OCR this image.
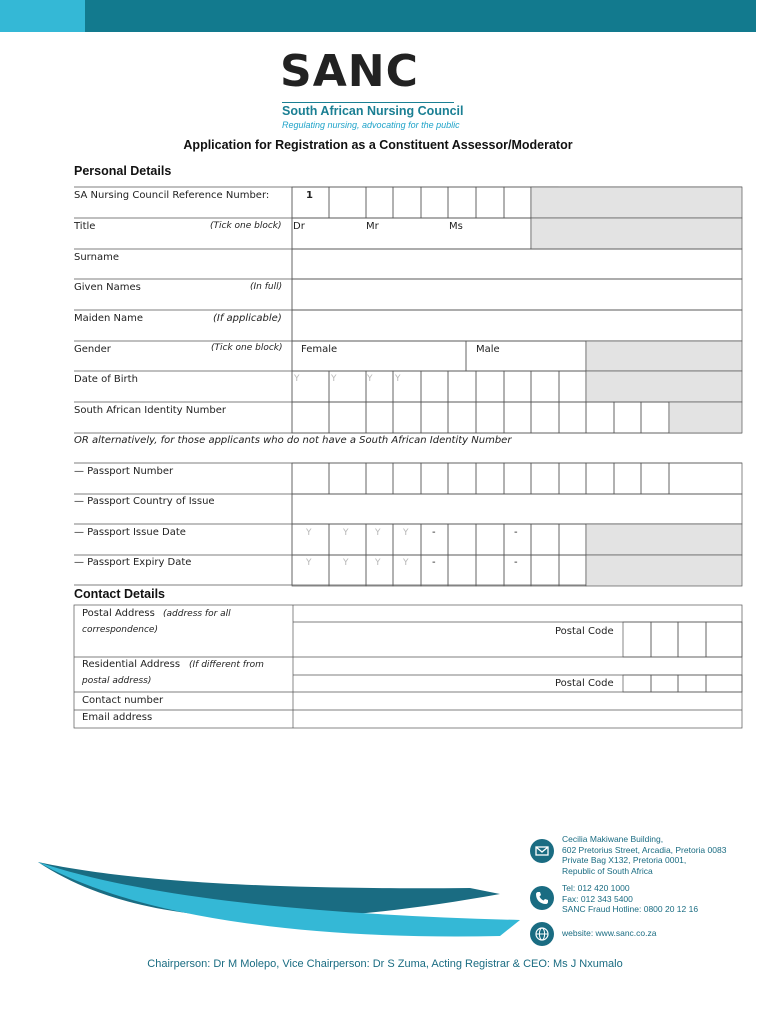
SANC
South African Nursing Council
Regulating nursing, advocating for the public
Application for Registration as a Constituent Assessor/Moderator
Personal Details
Contact Details
SA Nursing Council Reference Number:	1
Title	(Tick one block) Dr	Mr	Ms
Surname
Given Names	(In full)
Maiden Name	(If applicable)
Gender	(Tick one block) Female	Male
Date of Birth	Y	Y	Y	Y
South African Identity Number
OR alternatively, for those applicants who do not have a South African Identity Number
— Passport Number
— Passport Country of Issue
— Passport Issue Date	Y	Y	Y	Y -	-
— Passport Expiry Date	Y	Y	Y	Y -	-
Postal Address (address for all
correspondence)	Postal Code
Residential Address (If different from
postal address)	Postal Code
Contact number
Email address
Cecilia Makiwane Building,
602 Pretorius Street, Arcadia, Pretoria 0083
Private Bag X132, Pretoria 0001,
Republic of South Africa
Tel: 012 420 1000
Fax: 012 343 5400
SANC Fraud Hotline: 0800 20 12 16
website: www.sanc.co.za
Chairperson: Dr M Molepo, Vice Chairperson: Dr S Zuma, Acting Registrar & CEO: Ms J Nxumalo
